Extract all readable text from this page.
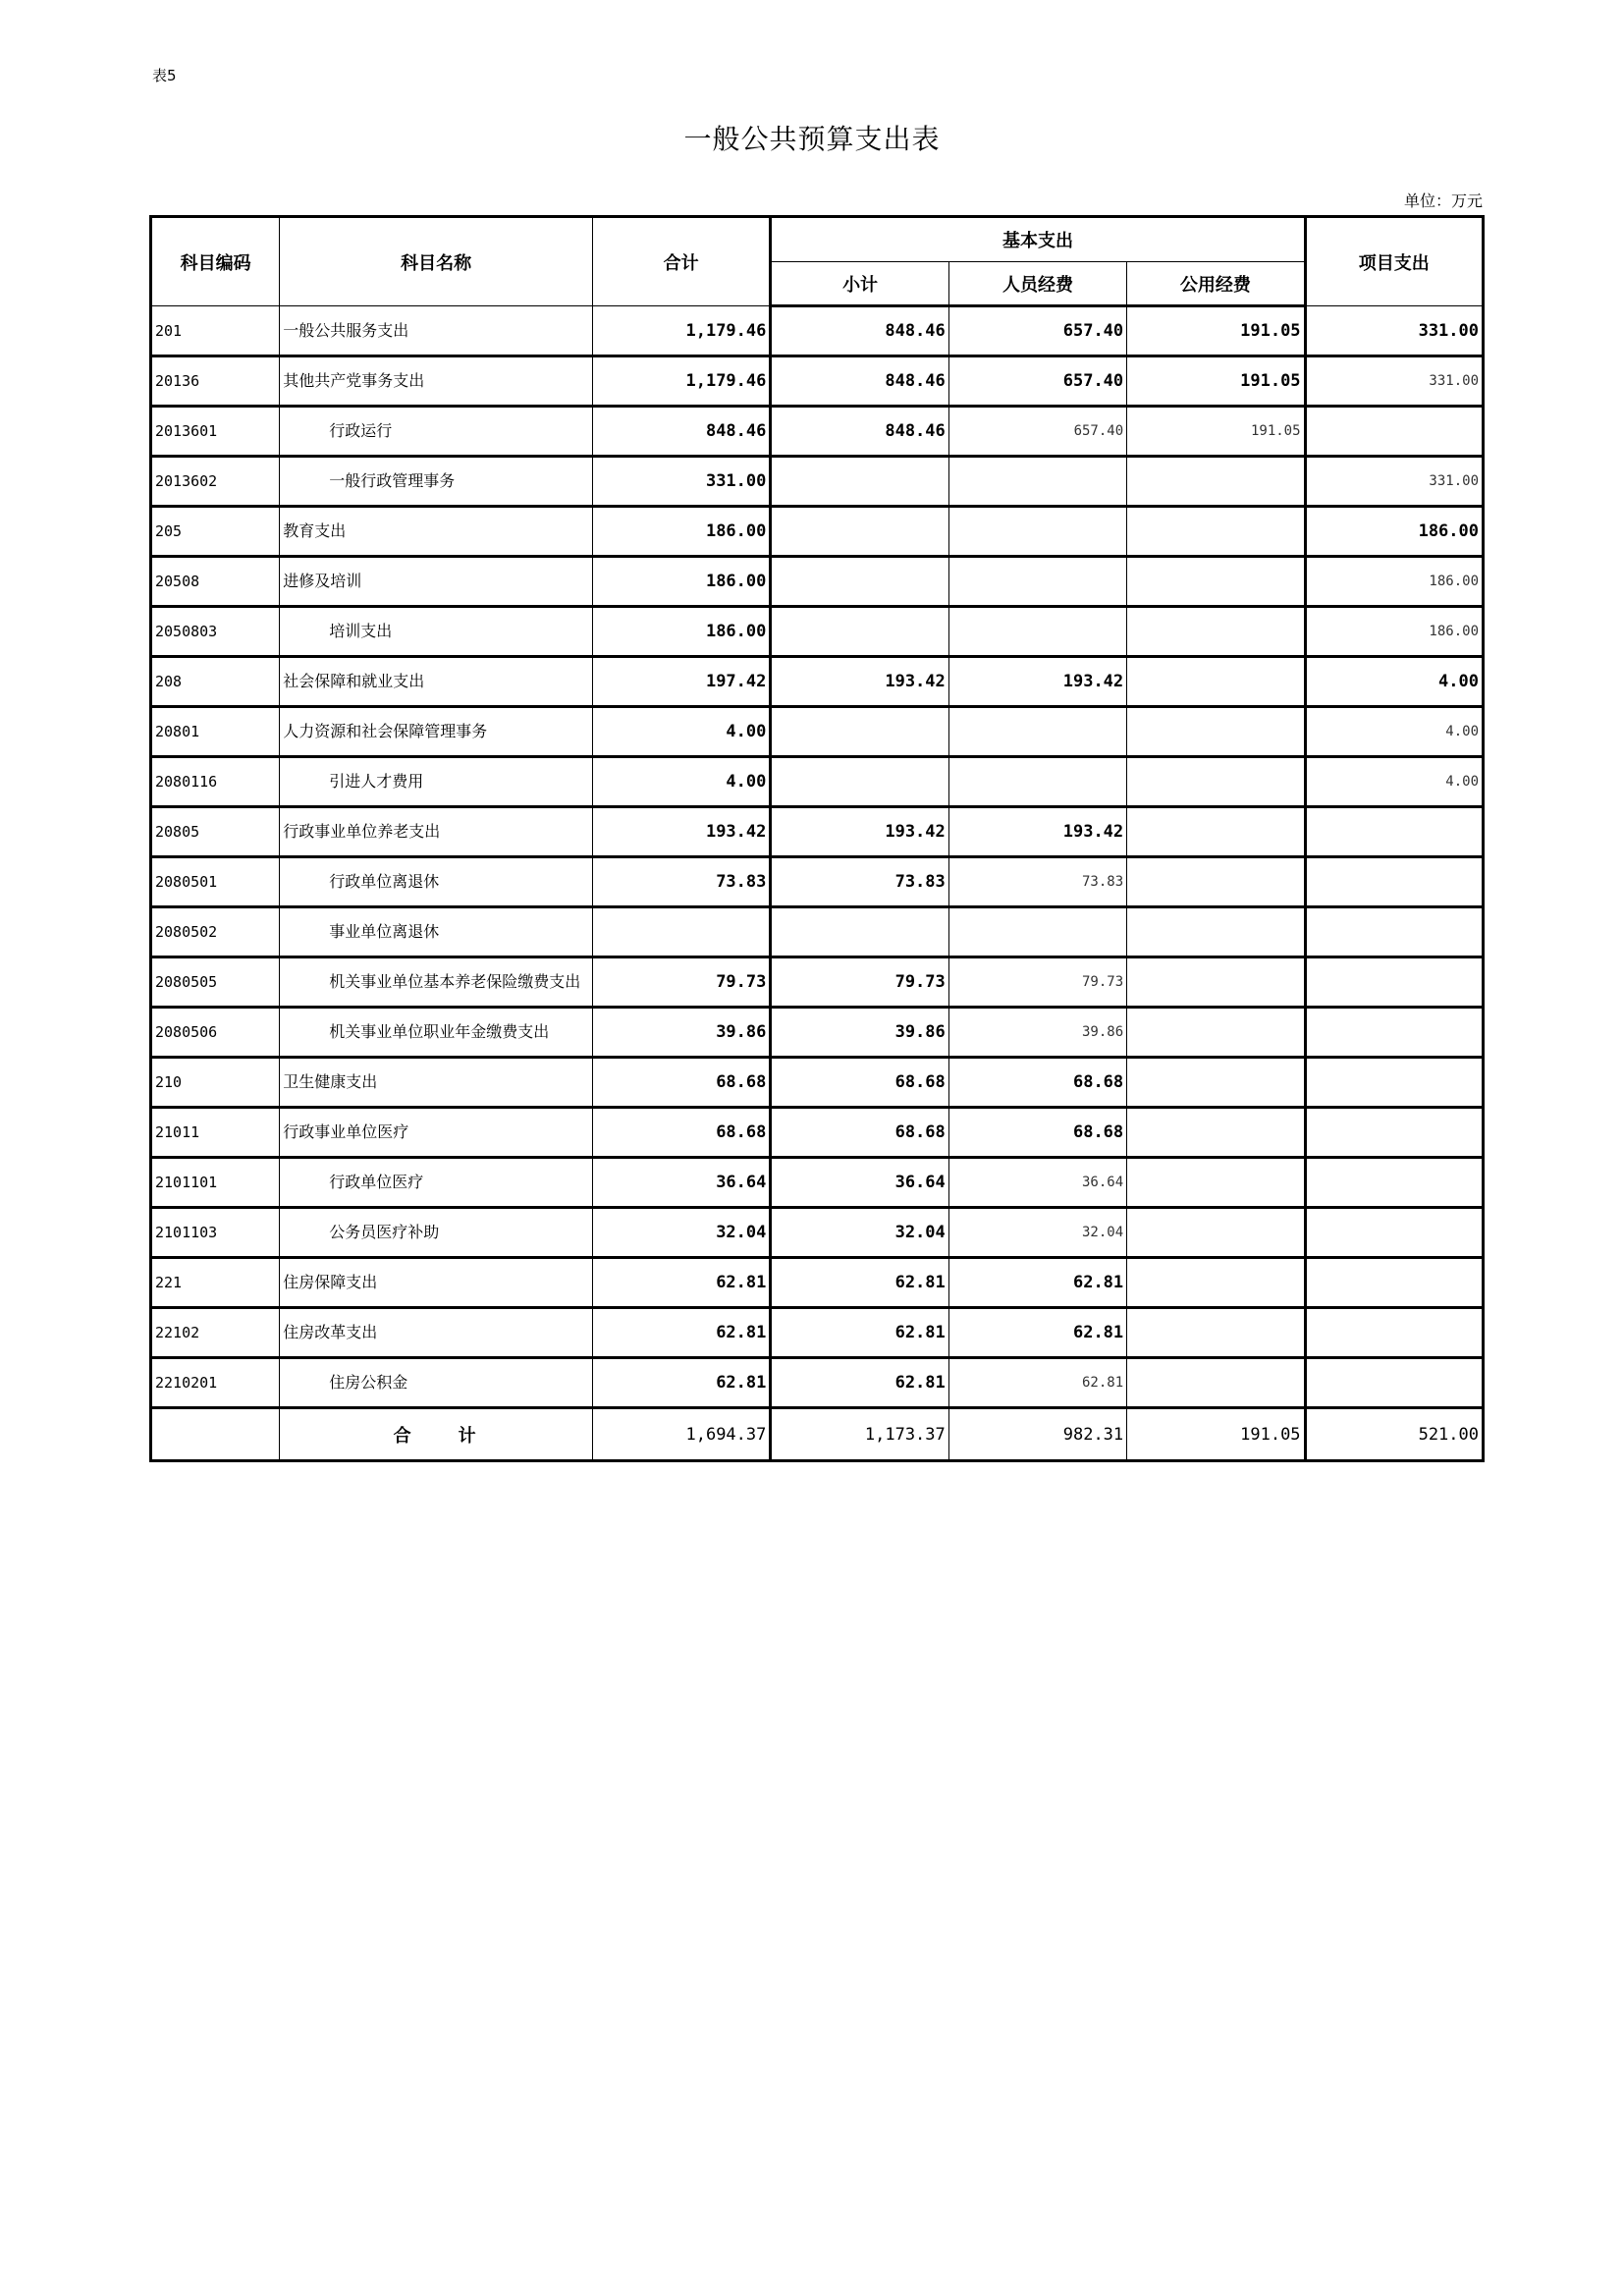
表5
一般公共预算支出表
单位：万元
科目编码	科目名称	合计	基本支出			项目支出
			小计	人员经费	公用经费	
201	一般公共服务支出	1,179.46	848.46	657.40	191.05	331.00
20136	其他共产党事务支出	1,179.46	848.46	657.40	191.05	331.00
2013601	行政运行	848.46	848.46	657.40	191.05	
2013602	一般行政管理事务	331.00				331.00
205	教育支出	186.00				186.00
20508	进修及培训	186.00				186.00
2050803	培训支出	186.00				186.00
208	社会保障和就业支出	197.42	193.42	193.42		4.00
20801	人力资源和社会保障管理事务	4.00				4.00
2080116	引进人才费用	4.00				4.00
20805	行政事业单位养老支出	193.42	193.42	193.42		
2080501	行政单位离退休	73.83	73.83	73.83		
2080502	事业单位离退休					
2080505	机关事业单位基本养老保险缴费支出	79.73	79.73	79.73		
2080506	机关事业单位职业年金缴费支出	39.86	39.86	39.86		
210	卫生健康支出	68.68	68.68	68.68		
21011	行政事业单位医疗	68.68	68.68	68.68		
2101101	行政单位医疗	36.64	36.64	36.64		
2101103	公务员医疗补助	32.04	32.04	32.04		
221	住房保障支出	62.81	62.81	62.81		
22102	住房改革支出	62.81	62.81	62.81		
2210201	住房公积金	62.81	62.81	62.81		
	合计	1,694.37	1,173.37	982.31	191.05	521.00
